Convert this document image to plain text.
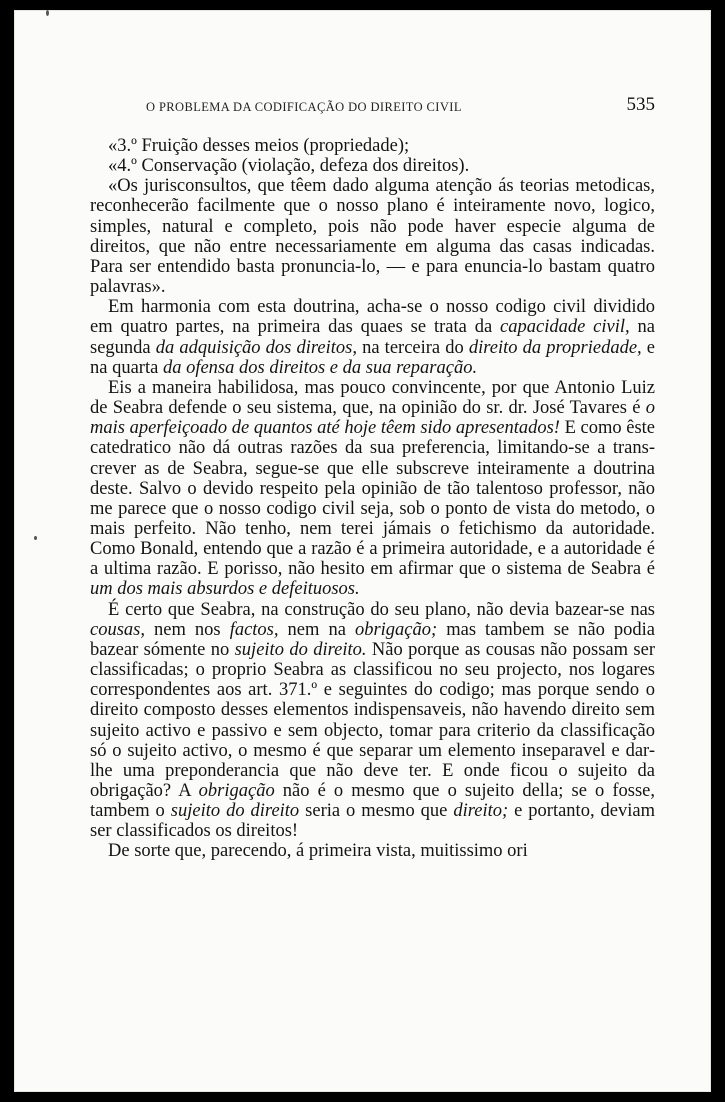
O PROBLEMA DA CODIFICAÇÃO DO DIREITO CIVIL	535

«3.º Fruição desses meios (propriedade);

«4.º Conservação (violação, defeza dos direitos).

«Os jurisconsultos, que têem dado alguma atenção ás teorias metodicas, reconhecerão facilmente que o nosso plano é inteiramente novo, logico, simples, natural e completo, pois não pode haver especie alguma de direitos, que não entre necessariamente em alguma das casas indicadas. Para ser entendido basta pronuncia-lo, — e para enuncia-lo bastam quatro palavras».

Em harmonia com esta doutrina, acha-se o nosso codigo civil dividido em quatro partes, na primeira das quaes se trata da capacidade civil, na segunda da adquisição dos direitos, na terceira do direito da propriedade, e na quarta da ofensa dos direitos e da sua reparação.

Eis a maneira habilidosa, mas pouco convincente, por que Antonio Luiz de Seabra defende o seu sistema, que, na opinião do sr. dr. José Tavares é o mais aperfeiçoado de quantos até hoje têem sido apresentados! E como êste catedratico não dá outras razões da sua preferencia, limitando-se a transcrever as de Seabra, segue-se que elle subscreve inteiramente a doutrina deste. Salvo o devido respeito pela opinião de tão talentoso professor, não me parece que o nosso codigo civil seja, sob o ponto de vista do metodo, o mais perfeito. Não tenho, nem terei jámais o fetichismo da autoridade. Como Bonald, entendo que a razão é a primeira autoridade, e a autoridade é a ultima razão. E porisso, não hesito em afirmar que o sistema de Seabra é um dos mais absurdos e defeituosos.

É certo que Seabra, na construção do seu plano, não devia bazear-se nas cousas, nem nos factos, nem na obrigação; mas tambem se não podia bazear sómente no sujeito do direito. Não porque as cousas não possam ser classificadas; o proprio Seabra as classificou no seu projecto, nos logares correspondentes aos art. 371.º e seguintes do codigo; mas porque sendo o direito composto desses elementos indispensaveis, não havendo direito sem sujeito activo e passivo e sem objecto, tomar para criterio da classificação só o sujeito activo, o mesmo é que separar um elemento inseparavel e dar-lhe uma preponderancia que não deve ter. E onde ficou o sujeito da obrigação? A obrigação não é o mesmo que o sujeito della; se o fosse, tambem o sujeito do direito seria o mesmo que direito; e portanto, deviam ser classificados os direitos!

De sorte que, parecendo, á primeira vista, muitissimo ori
